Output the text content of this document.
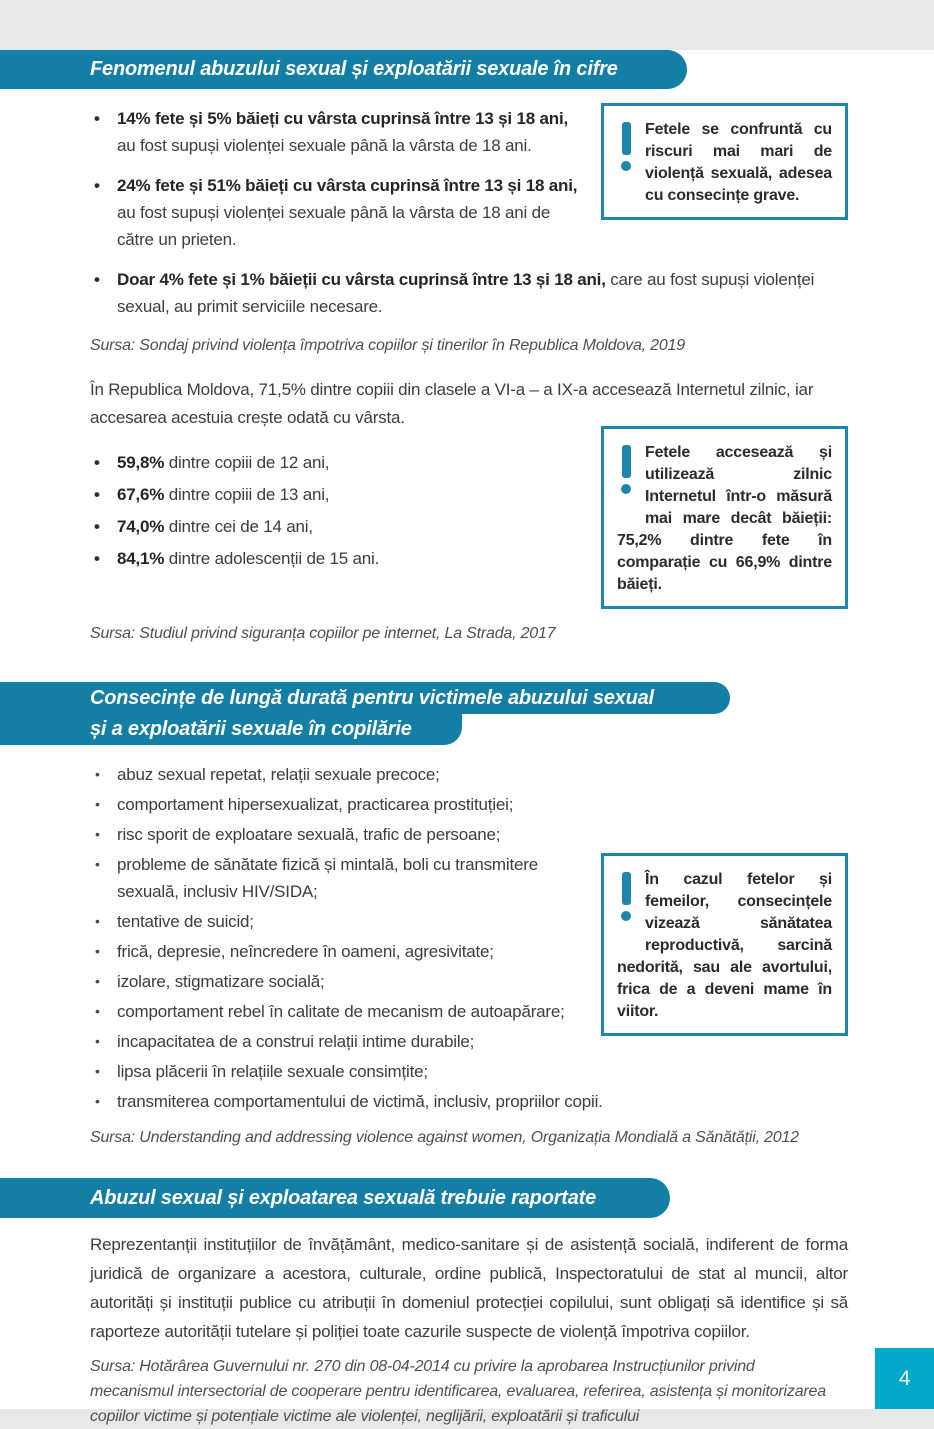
Fenomenul abuzului sexual și exploatării sexuale în cifre

Fetele se confruntă cu riscuri mai mari de violență sexuală, adesea cu consecințe grave.

• 14% fete și 5% băieți cu vârsta cuprinsă între 13 și 18 ani, au fost supuși violenței sexuale până la vârsta de 18 ani.
• 24% fete și 51% băieți cu vârsta cuprinsă între 13 și 18 ani, au fost supuși violenței sexuale până la vârsta de 18 ani de către un prieten.
• Doar 4% fete și 1% băieții cu vârsta cuprinsă între 13 și 18 ani, care au fost supuși violenței sexual, au primit serviciile necesare.

Sursa: Sondaj privind violența împotriva copiilor și tinerilor în Republica Moldova, 2019

În Republica Moldova, 71,5% dintre copiii din clasele a VI-a – a IX-a accesează Internetul zilnic, iar accesarea acestuia crește odată cu vârsta.

Fetele accesează și utilizează zilnic Internetul într-o măsură mai mare decât băieții: 75,2% dintre fete în comparație cu 66,9% dintre băieți.

• 59,8% dintre copiii de 12 ani,
• 67,6% dintre copiii de 13 ani,
• 74,0% dintre cei de 14 ani,
• 84,1% dintre adolescenții de 15 ani.

Sursa: Studiul privind siguranța copiilor pe internet, La Strada, 2017

Consecințe de lungă durată pentru victimele abuzului sexual
și a exploatării sexuale în copilărie
• abuz sexual repetat, relații sexuale precoce;
• comportament hipersexualizat, practicarea prostituției;
• risc sporit de exploatare sexuală, trafic de persoane;

În cazul fetelor și femeilor, consecințele vizează sănătatea reproductivă, sarcină nedorită, sau ale avortului, frica de a deveni mame în viitor.

• probleme de sănătate fizică și mintală, boli cu transmitere sexuală, inclusiv HIV/SIDA;
• tentative de suicid;
• frică, depresie, neîncredere în oameni, agresivitate;
• izolare, stigmatizare socială;
• comportament rebel în calitate de mecanism de autoapărare;
• incapacitatea de a construi relații intime durabile;
• lipsa plăcerii în relațiile sexuale consimțite;
• transmiterea comportamentului de victimă, inclusiv, propriilor copii.

Sursa: Understanding and addressing violence against women, Organizația Mondială a Sănătății, 2012

Abuzul sexual și exploatarea sexuală trebuie raportate

Reprezentanții instituțiilor de învățământ, medico-sanitare și de asistență socială, indiferent de forma juridică de organizare a acestora, culturale, ordine publică, Inspectoratului de stat al muncii, altor autorități și instituții publice cu atribuții în domeniul protecției copilului, sunt obligați să identifice și să raporteze autorității tutelare și poliției toate cazurile suspecte de violență împotriva copiilor.

Sursa: Hotărârea Guvernului nr. 270 din 08-04-2014 cu privire la aprobarea Instrucțiunilor privind mecanismul intersectorial de cooperare pentru identificarea, evaluarea, referirea, asistența și monitorizarea copiilor victime și potențiale victime ale violenței, neglijării, exploatării și traficului

4
